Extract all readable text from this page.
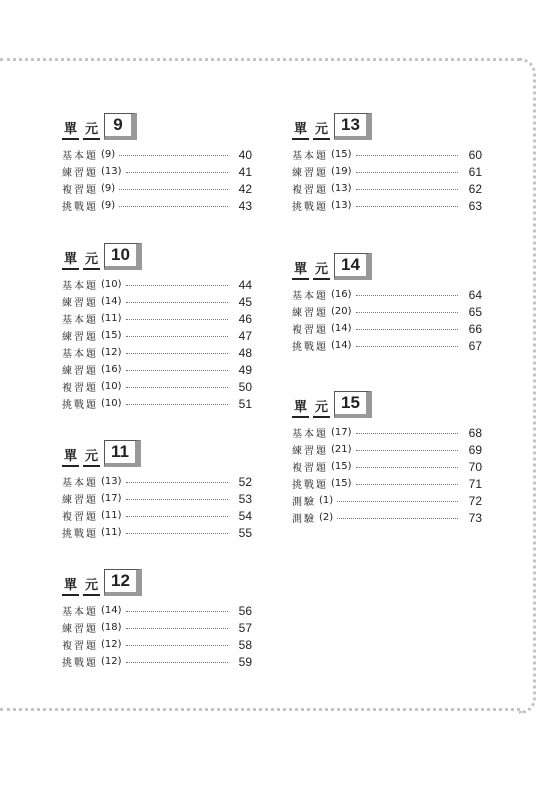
單 元 9
基本題 (9)	40
練習題 (13)	41
複習題 (9)	42
挑戰題 (9)	43
單 元 10
基本題 (10)	44
練習題 (14)	45
基本題 (11)	46
練習題 (15)	47
基本題 (12)	48
練習題 (16)	49
複習題 (10)	50
挑戰題 (10)	51
單 元 11
基本題 (13)	52
練習題 (17)	53
複習題 (11)	54
挑戰題 (11)	55
單 元 12
基本題 (14)	56
練習題 (18)	57
複習題 (12)	58
挑戰題 (12)	59
單 元 13
基本題 (15)	60
練習題 (19)	61
複習題 (13)	62
挑戰題 (13)	63
單 元 14
基本題 (16)	64
練習題 (20)	65
複習題 (14)	66
挑戰題 (14)	67
單 元 15
基本題 (17)	68
練習題 (21)	69
複習題 (15)	70
挑戰題 (15)	71
測驗 (1)	72
測驗 (2)	73
